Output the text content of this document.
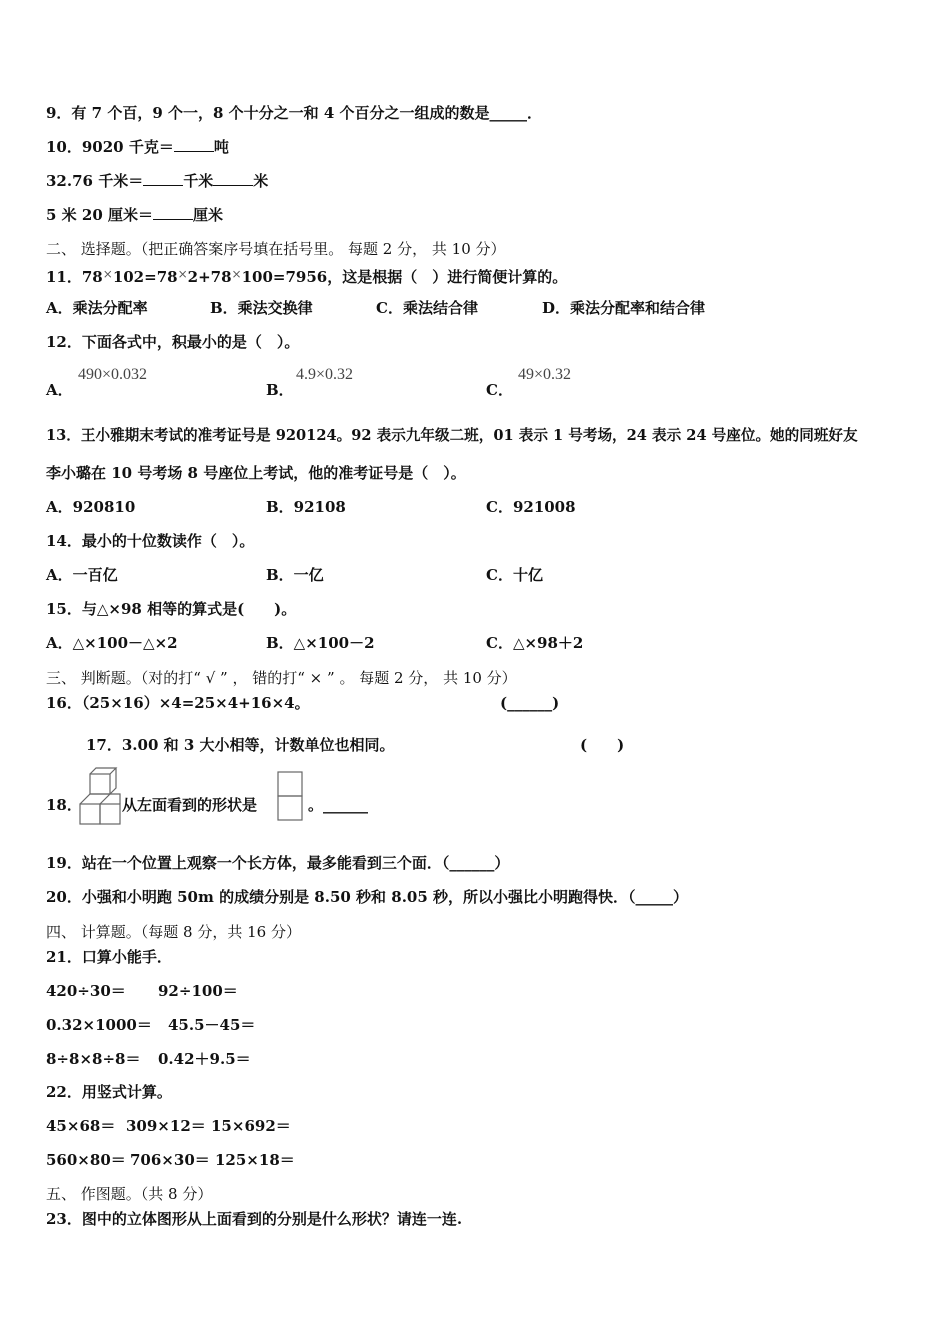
9．有 7 个百，9 个一，8 个十分之一和 4 个百分之一组成的数是_____．
10．9020 千克＝	吨
32.76 千米＝	千米	米
5 米 20 厘米＝	厘米
二、 选择题。（把正确答案序号填在括号里。 每题 2 分， 共 10 分）
11．78×102=78×2+78×100=7956，这是根据（　）进行简便计算的。
A．乘法分配率	B．乘法交换律	C．乘法结合律	D．乘法分配率和结合律
12．下面各式中，积最小的是（　）。
A．
490×0.032
B．
4.9×0.32
C．
49×0.32
13．王小雅期末考试的准考证号是 920124。92 表示九年级二班，01 表示 1 号考场，24 表示 24 号座位。她的同班好友
李小璐在 10 号考场 8 号座位上考试，他的准考证号是（　）。
A．920810	B．92108	C．921008
14．最小的十位数读作（　）。
A．一百亿	B．一亿	C．十亿
15．与△×98 相等的算式是(　　)。
A．△×100－△×2	B．△×100－2	C．△×98＋2
三、 判断题。（对的打“ √ ” ， 错的打“ × ” 。 每题 2 分， 共 10 分）
16．（25×16）×4=25×4+16×4。	(______)
17．3.00 和 3 大小相等，计数单位也相同。	(　　)
18．	从左面看到的形状是	。______
19．站在一个位置上观察一个长方体，最多能看到三个面．（______）
20．小强和小明跑 50m 的成绩分别是 8.50 秒和 8.05 秒，所以小强比小明跑得快．（_____）
四、 计算题。（每题 8 分，共 16 分）
21．口算小能手．
420÷30＝ 92÷100＝
0.32×1000＝ 45.5－45＝
8÷8×8÷8＝ 0.42＋9.5＝
22．用竖式计算。
45×68＝ 309×12＝ 15×692＝
560×80＝ 706×30＝ 125×18＝
五、 作图题。（共 8 分）
23．图中的立体图形从上面看到的分别是什么形状？请连一连.
